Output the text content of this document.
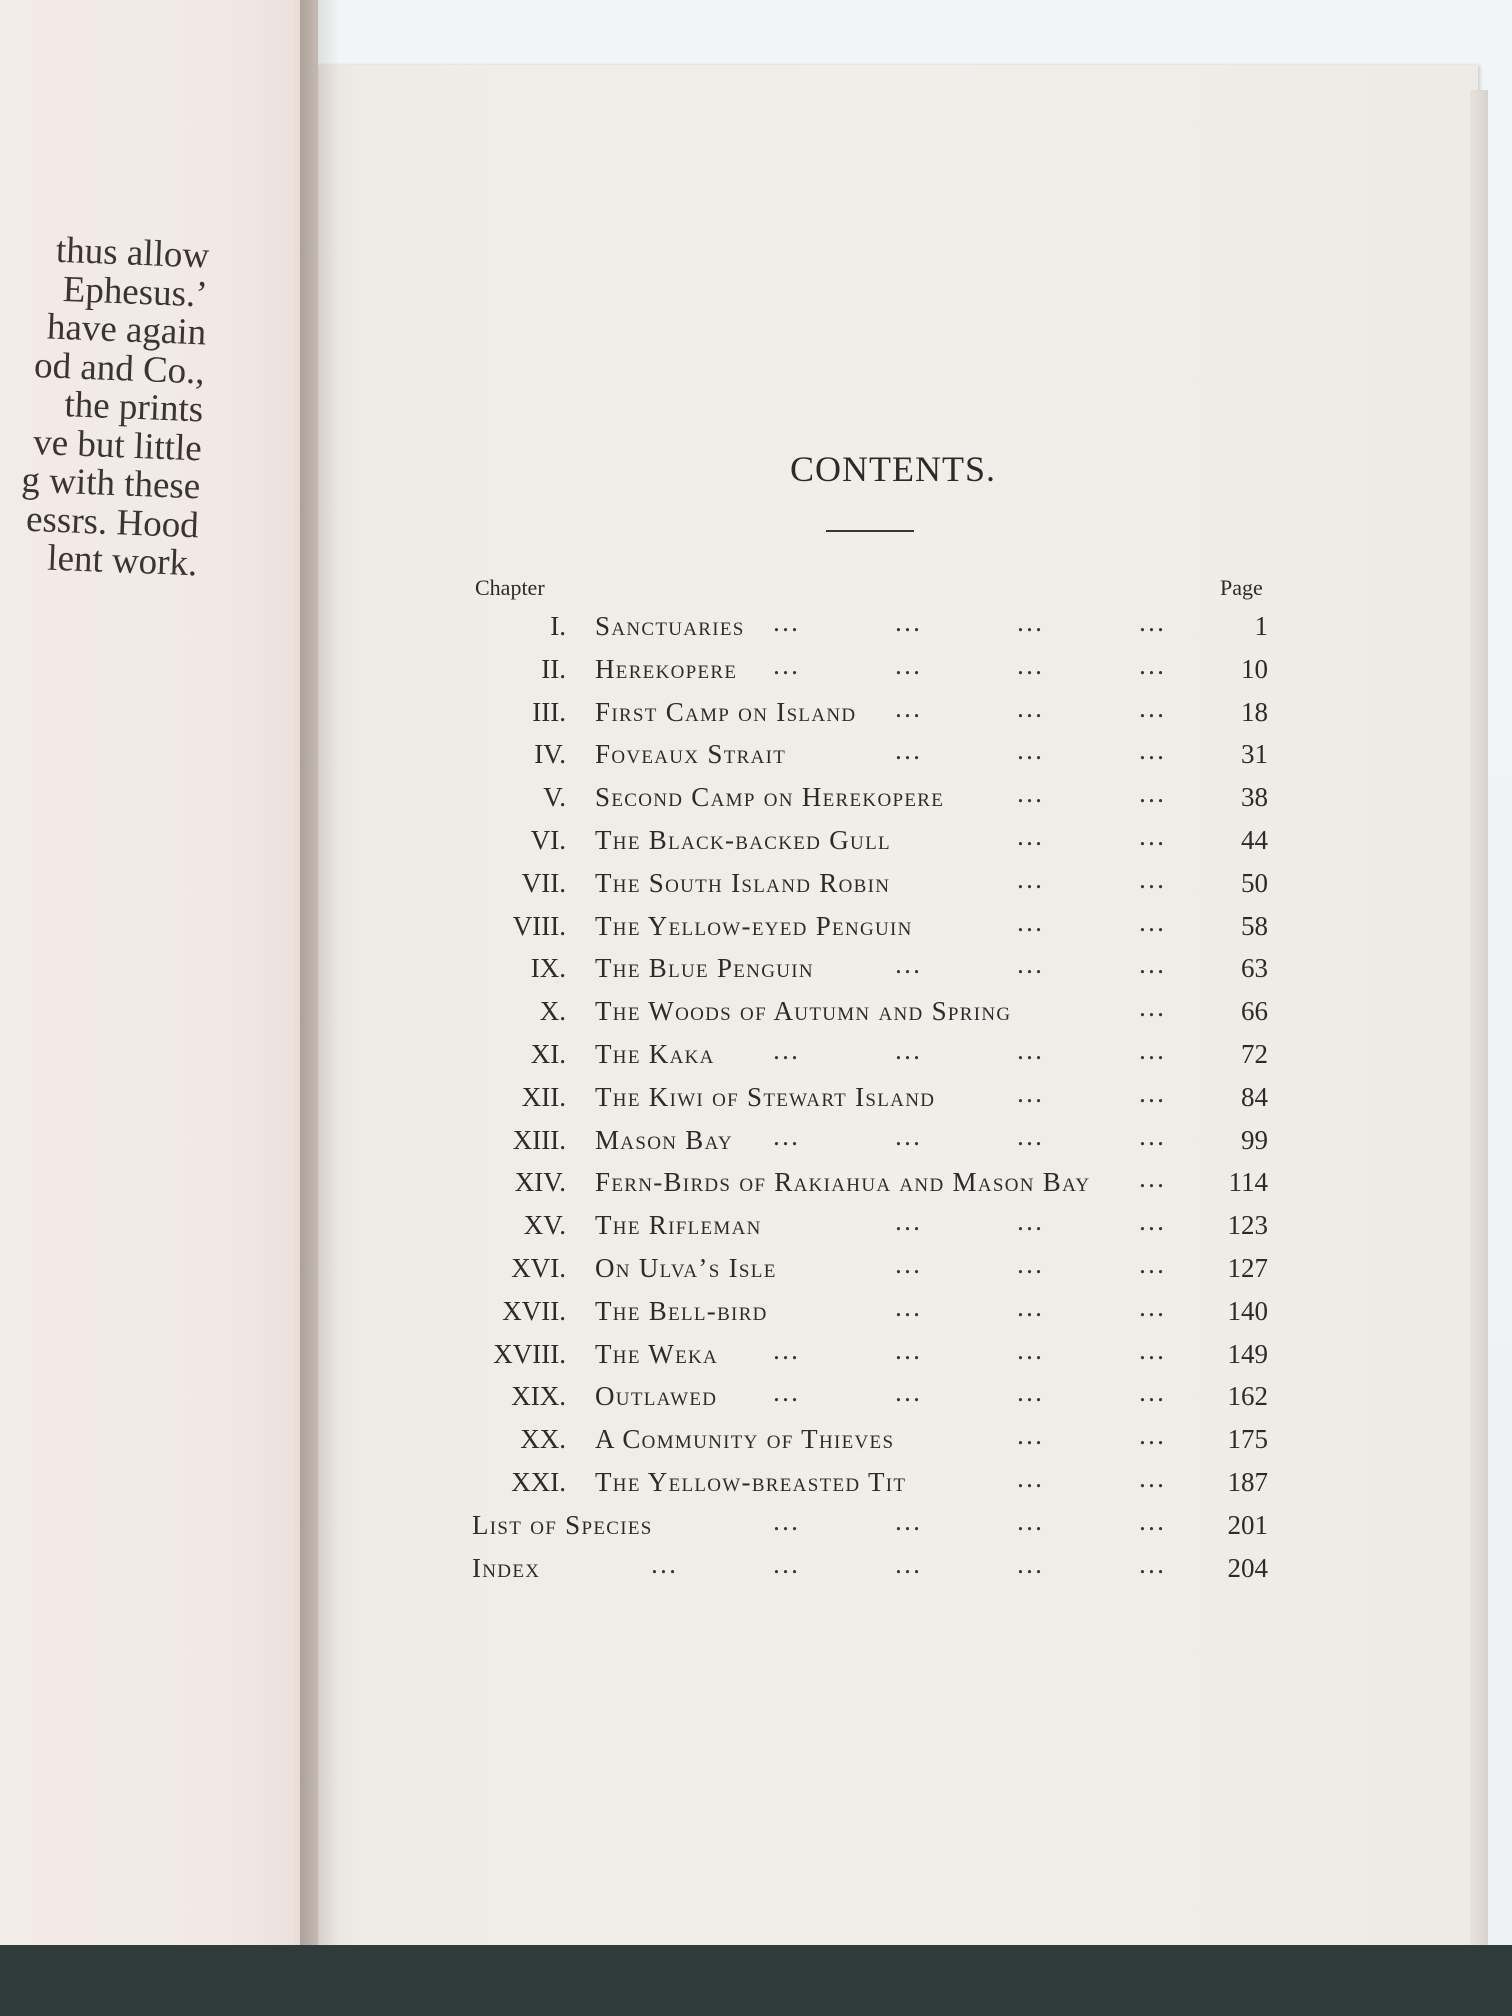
thus allow
Ephesus.’
have again
od and Co.,
the prints
ve but little
g with these
essrs. Hood
lent work.
CONTENTS.
Chapter	Page
I. Sanctuaries …	…	…	…	1
II. Herekopere …	…	…	…	10
III. First Camp on Island …	…	…	18
IV. Foveaux Strait	…	…	…	31
V. Second Camp on Herekopere	…	…	38
VI. The Black-backed Gull	…	…	44
VII. The South Island Robin	…	…	50
VIII. The Yellow-eyed Penguin	…	…	58
IX. The Blue Penguin	…	…	…	63
X. The Woods of Autumn and Spring	…	66
XI. The Kaka …	…	…	…	72
XII. The Kiwi of Stewart Island	…	…	84
XIII. Mason Bay …	…	…	…	99
XIV. Fern-Birds of Rakiahua and Mason Bay …	114
XV. The Rifleman	…	…	…	123
XVI. On Ulva’s Isle	…	…	…	127
XVII. The Bell-bird	…	…	…	140
XVIII. The Weka …	…	…	…	149
XIX. Outlawed …	…	…	…	162
XX. A Community of Thieves	…	…	175
XXI. The Yellow-breasted Tit	…	…	187
List of Species	…	…	…	…	201
Index	…	…	…	…	…	204
